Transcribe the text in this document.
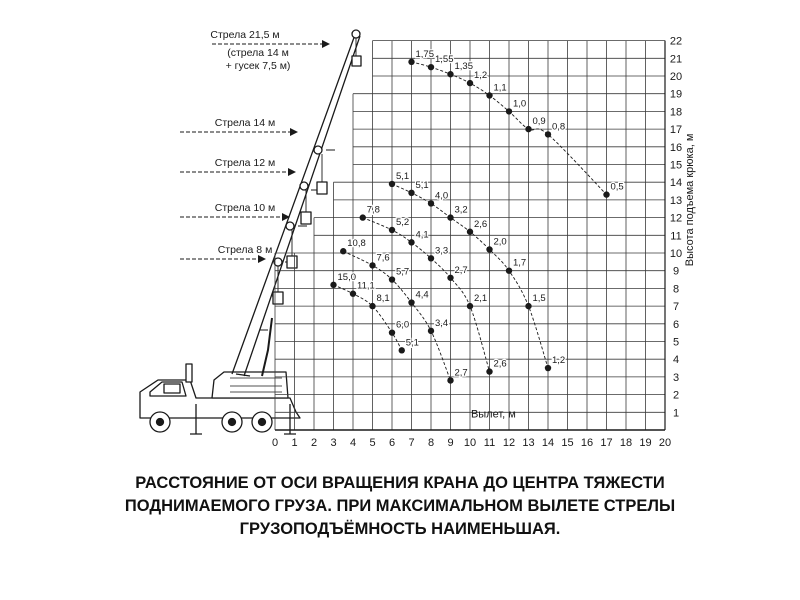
Стрела 21,5 м
(стрела 14 м
+ гусек 7,5 м)
Стрела 14 м
Стрела 12 м
Стрела 10 м
Стрела 8 м
1,75 1,55
1,35
1,2
1,1
1,0
0,9 0,8
0,5
5,1
5,1
4,0
3,2
2,6
2,0
1,7
1,5
1,2
7,8
5,2
4,1
3,3
2,7
2,1
2,6
10,8
7,6
5,7
4,4
3,4
2,7
15,0
11,1
8,1
6,0
5,1
0 1 2 3 4 5 6 7 8 9 10 11 12 13 14 15 16 17 18 19 20
1
2
3
4
5
6
7
8
9
10
11
12
13
14
15
16
17
18
19
20
21
22
Вылет, м
Высота подъема крюка, м
РАССТОЯНИЕ ОТ ОСИ ВРАЩЕНИЯ КРАНА ДО ЦЕНТРА ТЯЖЕСТИ
ПОДНИМАЕМОГО ГРУЗА. ПРИ МАКСИМАЛЬНОМ ВЫЛЕТЕ СТРЕЛЫ
ГРУЗОПОДЪЁМНОСТЬ НАИМЕНЬШАЯ.
